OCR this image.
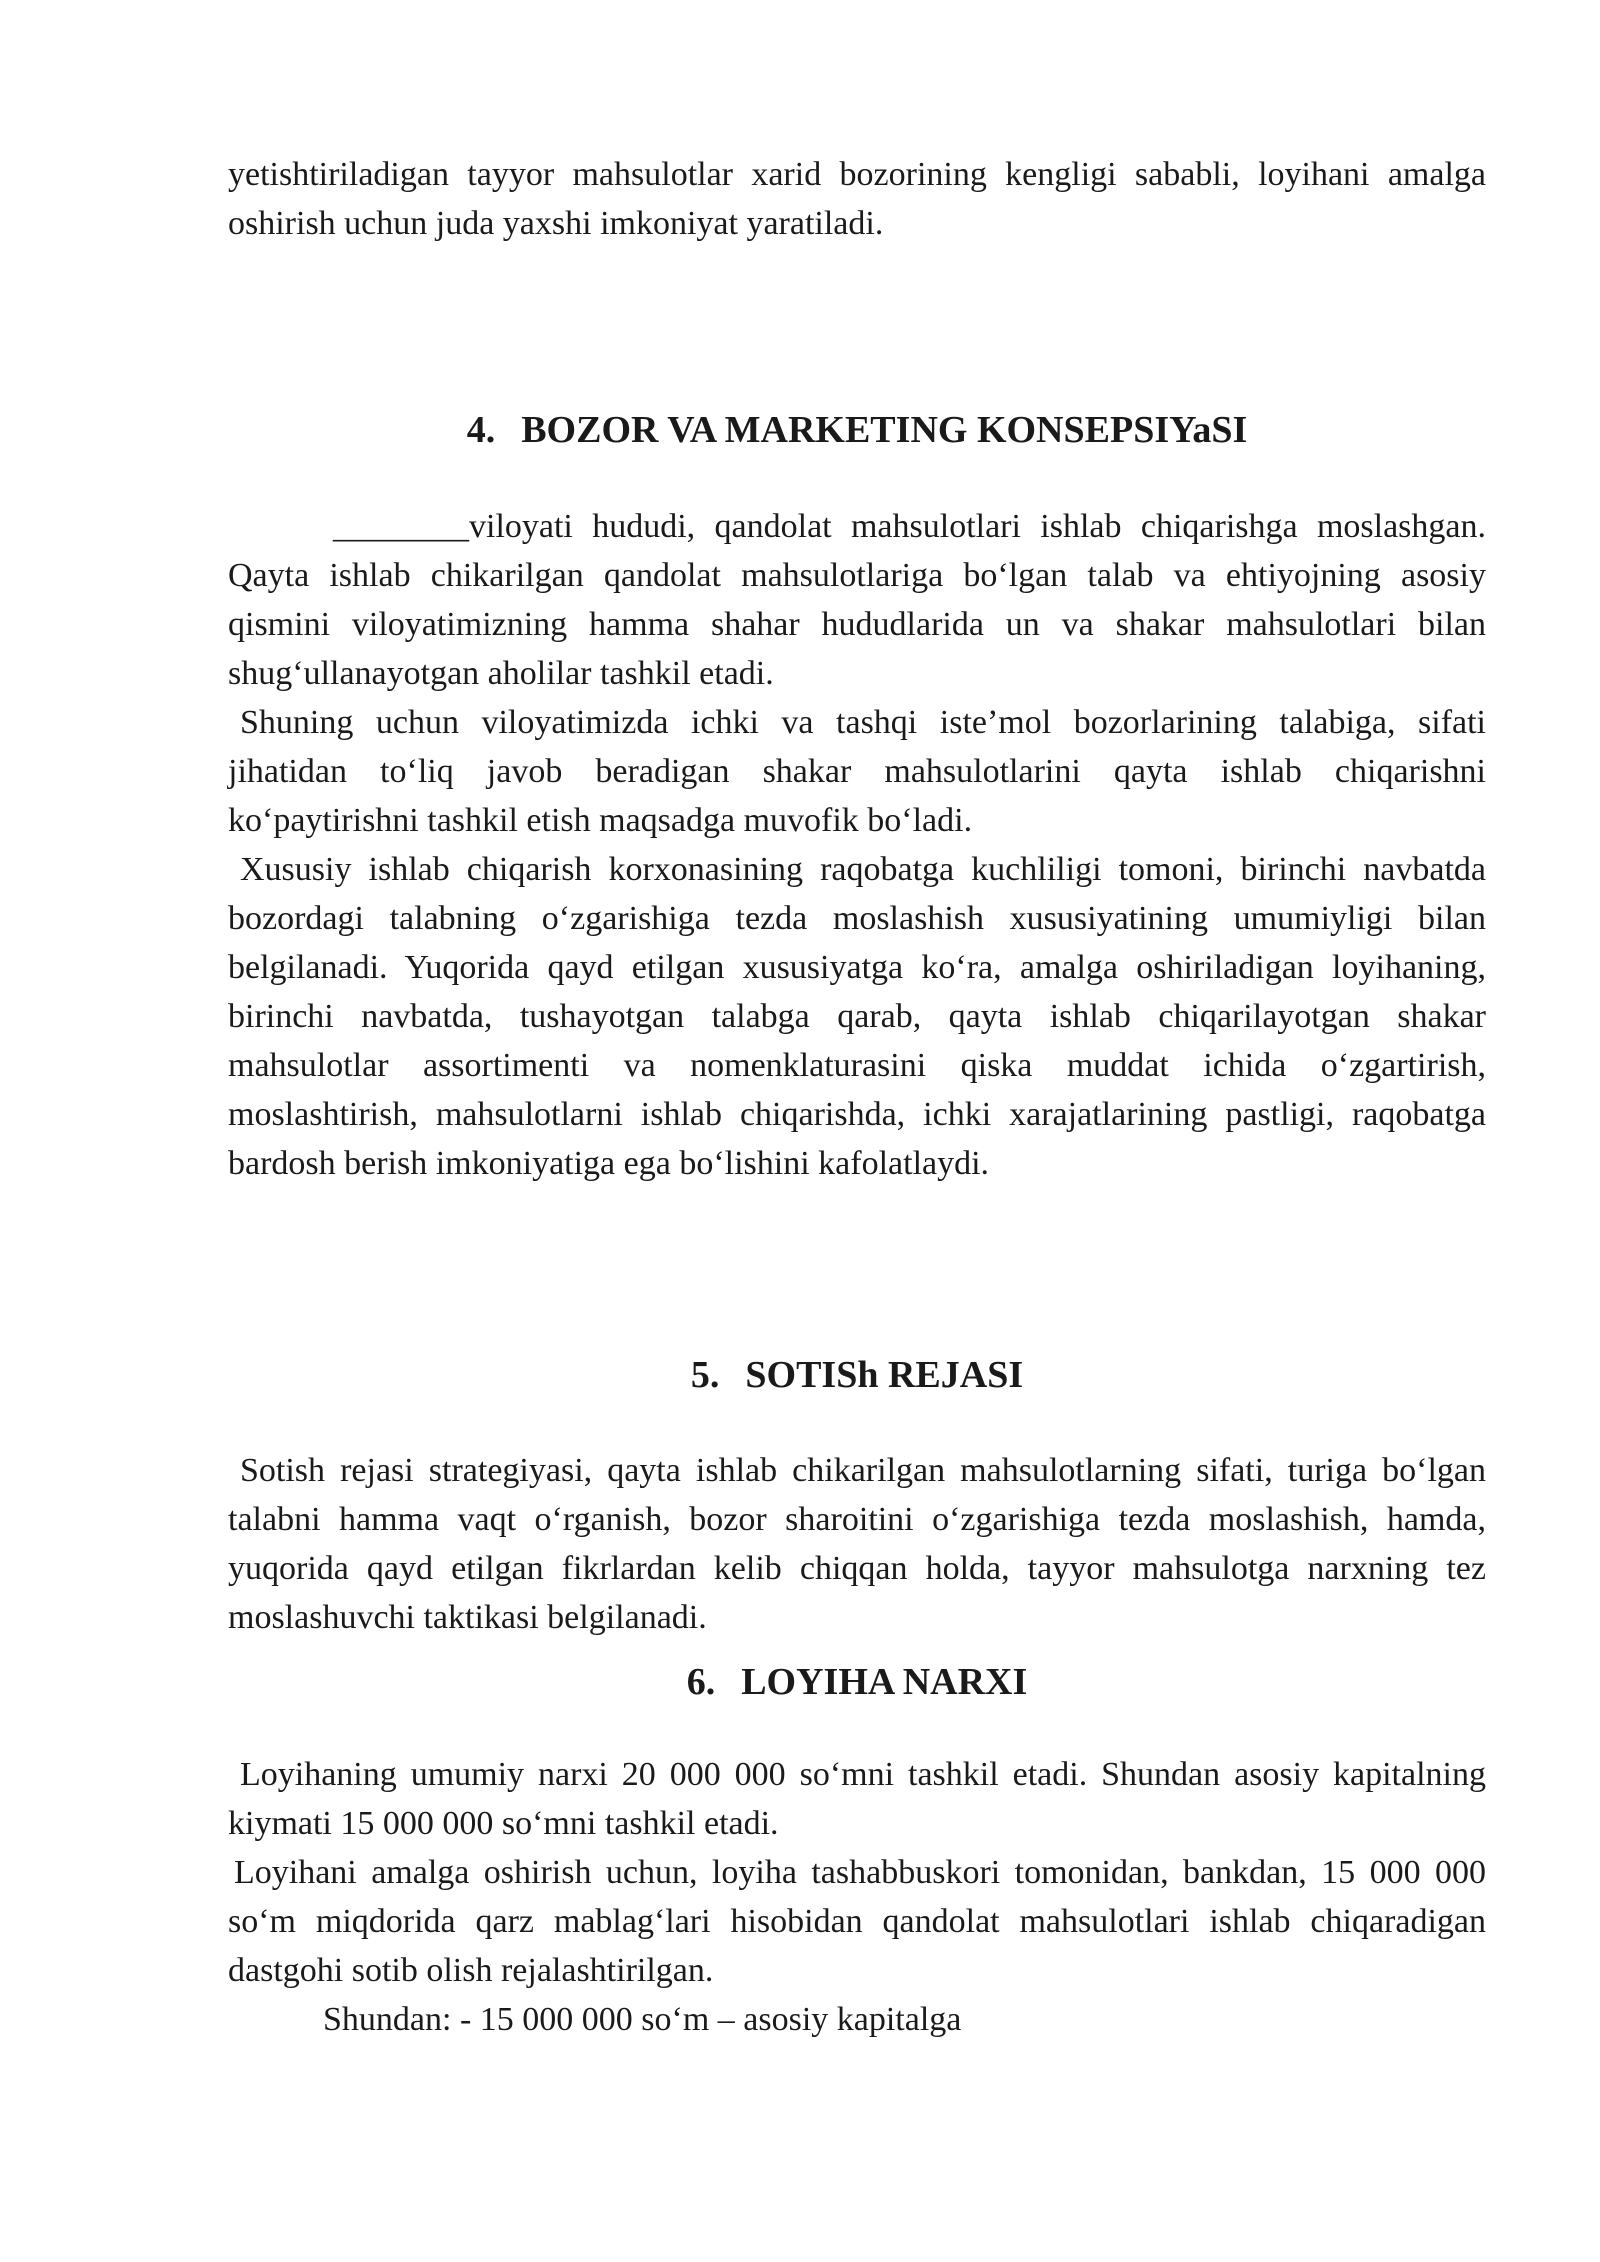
yetishtiriladigan tayyor mahsulotlar xarid bozorining kengligi sababli, loyihani amalga oshirish uchun juda yaxshi imkoniyat yaratiladi.

4. BOZOR VA MARKETING KONSEPSIYaSI

________viloyati hududi, qandolat mahsulotlari ishlab chiqarishga moslashgan. Qayta ishlab chikarilgan qandolat mahsulotlariga boʻlgan talab va ehtiyojning asosiy qismini viloyatimizning hamma shahar hududlarida un va shakar mahsulotlari bilan shugʻullanayotgan aholilar tashkil etadi.

Shuning uchun viloyatimizda ichki va tashqi isteʼmol bozorlarining talabiga, sifati jihatidan toʻliq javob beradigan shakar mahsulotlarini qayta ishlab chiqarishni koʻpaytirishni tashkil etish maqsadga muvofik boʻladi.

Xususiy ishlab chiqarish korxonasining raqobatga kuchliligi tomoni, birinchi navbatda bozordagi talabning oʻzgarishiga tezda moslashish xususiyatining umumiyligi bilan belgilanadi. Yuqorida qayd etilgan xususiyatga koʻra, amalga oshiriladigan loyihaning, birinchi navbatda, tushayotgan talabga qarab, qayta ishlab chiqarilayotgan shakar mahsulotlar assortimenti va nomenklaturasini qiska muddat ichida oʻzgartirish, moslashtirish, mahsulotlarni ishlab chiqarishda, ichki xarajatlarining pastligi, raqobatga bardosh berish imkoniyatiga ega boʻlishini kafolatlaydi.

5. SOTISh REJASI

Sotish rejasi strategiyasi, qayta ishlab chikarilgan mahsulotlarning sifati, turiga boʻlgan talabni hamma vaqt oʻrganish, bozor sharoitini oʻzgarishiga tezda moslashish, hamda, yuqorida qayd etilgan fikrlardan kelib chiqqan holda, tayyor mahsulotga narxning tez moslashuvchi taktikasi belgilanadi.

6. LOYIHA NARXI

Loyihaning umumiy narxi 20 000 000 soʻmni tashkil etadi. Shundan asosiy kapitalning kiymati 15 000 000 soʻmni tashkil etadi.

Loyihani amalga oshirish uchun, loyiha tashabbuskori tomonidan, bankdan, 15 000 000 soʻm miqdorida qarz mablagʻlari hisobidan qandolat mahsulotlari ishlab chiqaradigan dastgohi sotib olish rejalashtirilgan.

Shundan: - 15 000 000 soʻm – asosiy kapitalga
